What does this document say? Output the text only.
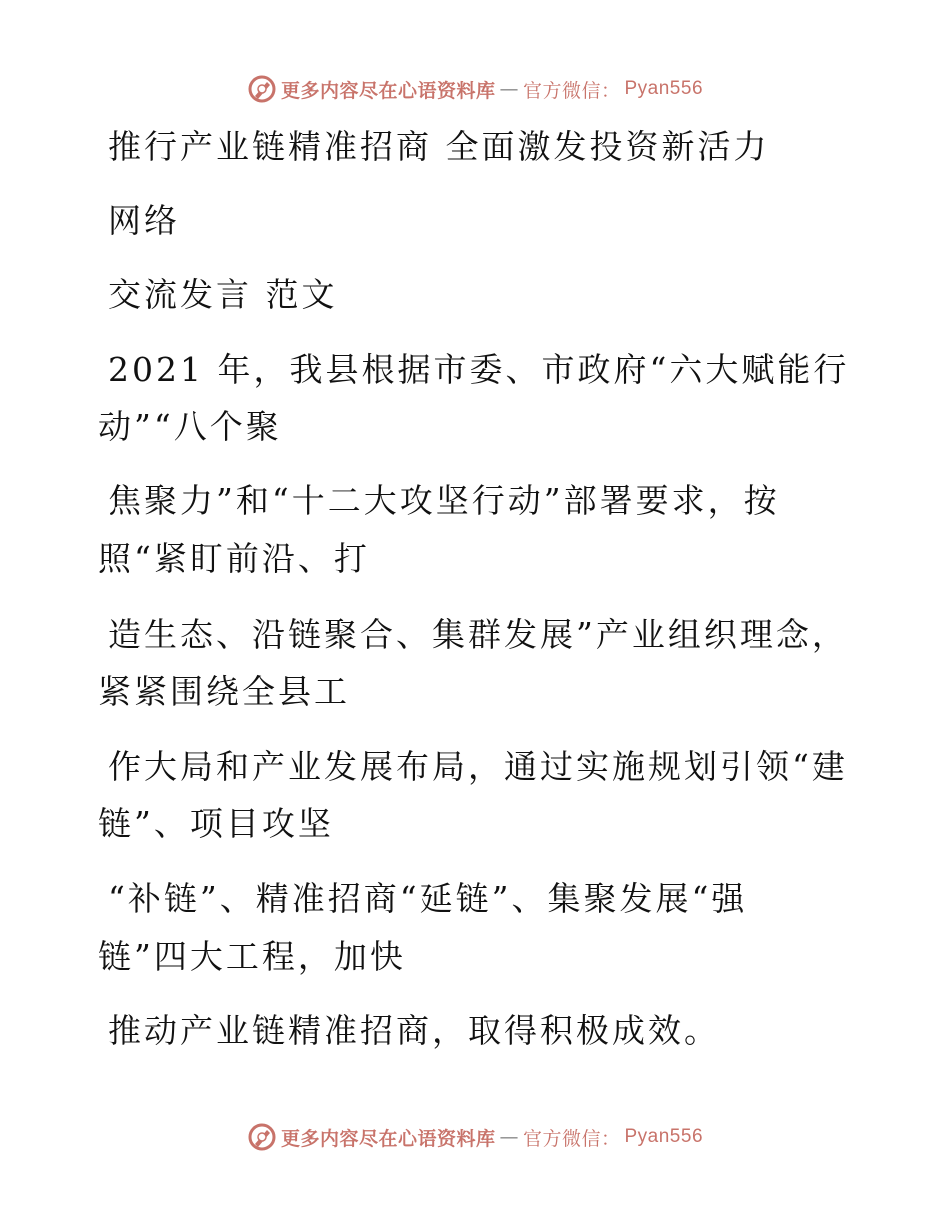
更多内容尽在心语资料库 — 官方微信： Pyan556
推行产业链精准招商 全面激发投资新活力
网络
交流发言 范文
2021 年，我县根据市委、市政府“六大赋能行
动”“八个聚
焦聚力”和“十二大攻坚行动”部署要求，按
照“紧盯前沿、打
造生态、沿链聚合、集群发展”产业组织理念，
紧紧围绕全县工
作大局和产业发展布局，通过实施规划引领“建
链”、项目攻坚
“补链”、精准招商“延链”、集聚发展“强
链”四大工程，加快
推动产业链精准招商，取得积极成效。
更多内容尽在心语资料库 — 官方微信： Pyan556
